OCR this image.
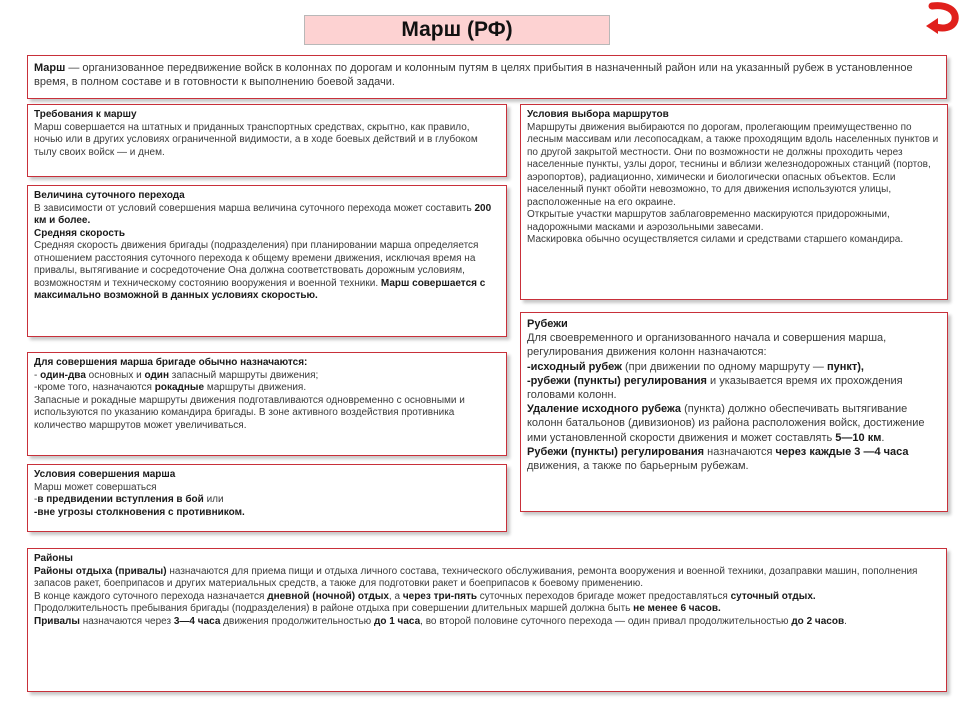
Марш (РФ)
Марш — организованное передвижение войск в колоннах по дорогам и колонным путям в целях прибытия в назначенный район или на указанный рубеж в установленное время, в полном составе и в готовности к выполнению боевой задачи.
Требования к маршу
Марш совершается на штатных и приданных транспортных средствах, скрытно, как правило, ночью или в других условиях ограниченной видимости, а в ходе боевых действий и в глубоком тылу своих войск — и днем.
Условия выбора маршрутов
Маршруты движения выбираются по дорогам, пролегающим преимущественно по лесным массивам или лесопосадкам, а также проходящим вдоль населенных пунктов и по другой закрытой местности. Они по возможности не должны проходить через населенные пункты, узлы дорог, теснины и вблизи железнодорожных станций (портов, аэропортов), радиационно, химически и биологически опасных объектов. Если населенный пункт обойти невозможно, то для движения используются улицы, расположенные на его окраине.
Открытые участки маршрутов заблаговременно маскируются придорожными, надорожными масками и аэрозольными завесами.
Маскировка обычно осуществляется силами и средствами старшего командира.
Величина суточного перехода
В зависимости от условий совершения марша величина суточного перехода может составить 200 км и более.
Средняя скорость
Средняя скорость движения бригады (подразделения) при планировании марша определяется отношением расстояния суточного перехода к общему времени движения, исключая время на привалы, вытягивание и сосредоточение Она должна соответствовать дорожным условиям, возможностям и техническому состоянию вооружения и военной техники. Марш совершается с максимально возможной в данных условиях скоростью.
Рубежи
Для своевременного и организованного начала и совершения марша, регулирования движения колонн назначаются:
-исходный рубеж (при движении по одному маршруту — пункт),
-рубежи (пункты) регулирования и указывается время их прохождения головами колонн.
Удаление исходного рубежа (пункта) должно обеспечивать вытягивание колонн батальонов (дивизионов) из района расположения войск, достижение ими установленной скорости движения и может составлять 5—10 км.
Рубежи (пункты) регулирования назначаются через каждые 3 —4 часа движения, а также по барьерным рубежам.
Для совершения марша бригаде обычно назначаются:
- один-два основных и один запасный маршруты движения;
-кроме того, назначаются рокадные маршруты движения.
Запасные и рокадные маршруты движения подготавливаются одновременно с основными и используются по указанию командира бригады. В зоне активного воздействия противника количество маршрутов может увеличиваться.
Условия совершения марша
Марш может совершаться
-в предвидении вступления в бой или
-вне угрозы столкновения с противником.
Районы
Районы отдыха (привалы) назначаются для приема пищи и отдыха личного состава, технического обслуживания, ремонта вооружения и военной техники, дозаправки машин, пополнения запасов ракет, боеприпасов и других материальных средств, а также для подготовки ракет и боеприпасов к боевому применению.
В конце каждого суточного перехода назначается дневной (ночной) отдых, а через три-пять суточных переходов бригаде может предоставляться суточный отдых.
Продолжительность пребывания бригады (подразделения) в районе отдыха при совершении длительных маршей должна быть не менее 6 часов.
Привалы назначаются через 3—4 часа движения продолжительностью до 1 часа, во второй половине суточного перехода — один привал продолжительностью до 2 часов.
